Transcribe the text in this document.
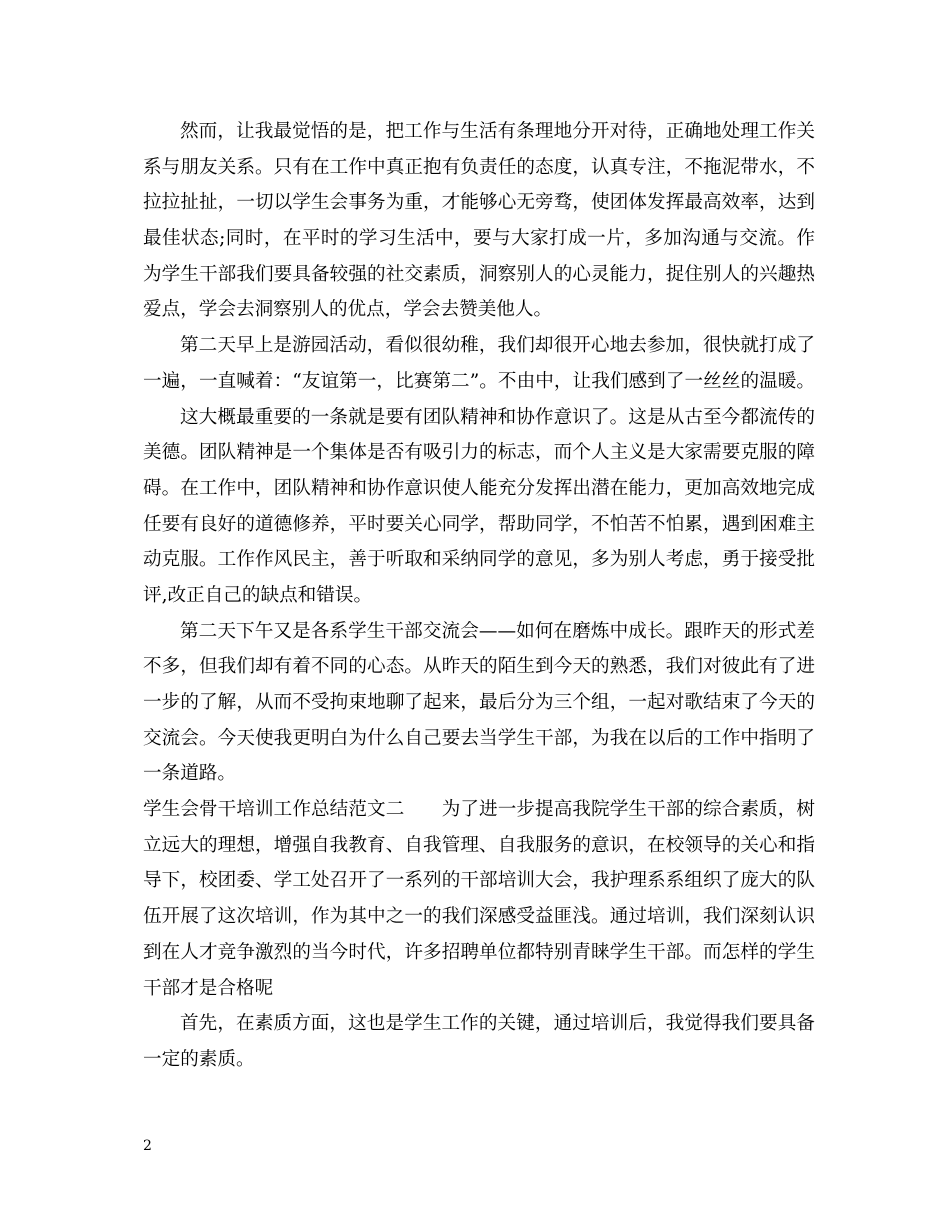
然而，让我最觉悟的是，把工作与生活有条理地分开对待，正确地处理工作关
系与朋友关系。只有在工作中真正抱有负责任的态度，认真专注，不拖泥带水，不
拉拉扯扯，一切以学生会事务为重，才能够心无旁骛，使团体发挥最高效率，达到
最佳状态;同时，在平时的学习生活中，要与大家打成一片，多加沟通与交流。作
为学生干部我们要具备较强的社交素质，洞察别人的心灵能力，捉住别人的兴趣热
爱点，学会去洞察别人的优点，学会去赞美他人。
第二天早上是游园活动，看似很幼稚，我们却很开心地去参加，很快就打成了
一遍，一直喊着：“友谊第一，比赛第二”。不由中，让我们感到了一丝丝的温暖。
这大概最重要的一条就是要有团队精神和协作意识了。这是从古至今都流传的
美德。团队精神是一个集体是否有吸引力的标志，而个人主义是大家需要克服的障
碍。在工作中，团队精神和协作意识使人能充分发挥出潜在能力，更加高效地完成
任要有良好的道德修养，平时要关心同学，帮助同学，不怕苦不怕累，遇到困难主
动克服。工作作风民主，善于听取和采纳同学的意见，多为别人考虑，勇于接受批
评,改正自己的缺点和错误。
第二天下午又是各系学生干部交流会——如何在磨炼中成长。跟昨天的形式差
不多，但我们却有着不同的心态。从昨天的陌生到今天的熟悉，我们对彼此有了进
一步的了解，从而不受拘束地聊了起来，最后分为三个组，一起对歌结束了今天的
交流会。今天使我更明白为什么自己要去当学生干部，为我在以后的工作中指明了
一条道路。
学生会骨干培训工作总结范文二　　为了进一步提高我院学生干部的综合素质，树
立远大的理想，增强自我教育、自我管理、自我服务的意识，在校领导的关心和指
导下，校团委、学工处召开了一系列的干部培训大会，我护理系系组织了庞大的队
伍开展了这次培训，作为其中之一的我们深感受益匪浅。通过培训，我们深刻认识
到在人才竞争激烈的当今时代，许多招聘单位都特别青睐学生干部。而怎样的学生
干部才是合格呢
首先，在素质方面，这也是学生工作的关键，通过培训后，我觉得我们要具备
一定的素质。
2
